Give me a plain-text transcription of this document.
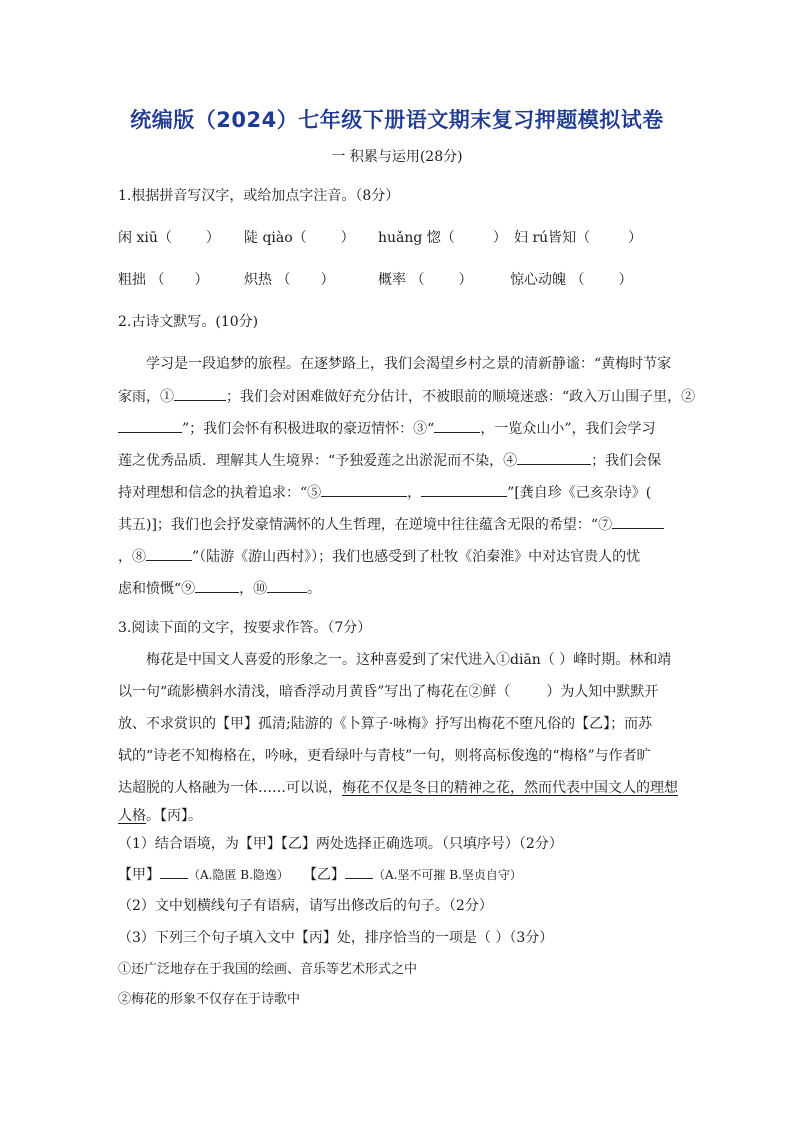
统编版（2024）七年级下册语文期末复习押题模拟试卷
一 积累与运用(28分)
1.根据拼音写汉字，或给加点字注音。（8分）
闲 xiū（ ） 陡 qiào（ ） huǎng 惚（	） 妇 rú皆知（	）
粗拙 （ ）	炽热 （ ）	概率 （ ）	惊心动魄 （ ）
2.古诗文默写。(10分)
学习是一段追梦的旅程。在逐梦路上，我们会渴望乡村之景的清新静谧：“黄梅时节家
家雨，①	；我们会对困难做好充分估计，不被眼前的顺境迷惑：“政入万山围子里，②
”；我们会怀有积极进取的豪迈情怀：③“	，一览众山小”，我们会学习
莲之优秀品质．理解其人生境界：“予独爱莲之出淤泥而不染，④	；我们会保
持对理想和信念的执着追求：“⑤	，	”[龚自珍《己亥杂诗》(
其五)]；我们也会抒发豪情满怀的人生哲理，在逆境中往往蕴含无限的希望：“⑦
，⑧	”（陆游《游山西村》）；我们也感受到了杜牧《泊秦淮》中对达官贵人的忧
虑和愤慨“⑨	，⑩	。
3.阅读下面的文字，按要求作答。（7分）
梅花是中国文人喜爱的形象之一。这种喜爱到了宋代进入①diān（ ）峰时期。林和靖
以一句“疏影横斜水清浅，暗香浮动月黄昏”写出了梅花在②鲜（	）为人知中默默开
放、不求赏识的【甲】孤清;陆游的《卜算子·咏梅》抒写出梅花不堕凡俗的【乙】；而苏
轼的“诗老不知梅格在，吟咏，更看绿叶与青枝”一句，则将高标俊逸的“梅格”与作者旷
达超脱的人格融为一体……可以说，梅花不仅是冬日的精神之花，然而代表中国文人的理想
人格。【丙】。
（1）结合语境，为【甲】【乙】两处选择正确选项。（只填序号）（2分）
【甲】 （A.隐匿 B.隐逸） 【乙】 （A.坚不可摧 B.坚贞自守）
（2）文中划横线句子有语病，请写出修改后的句子。（2分）
（3）下列三个句子填入文中【丙】处，排序恰当的一项是（ ）（3分）
①还广泛地存在于我国的绘画、音乐等艺术形式之中
②梅花的形象不仅存在于诗歌中
